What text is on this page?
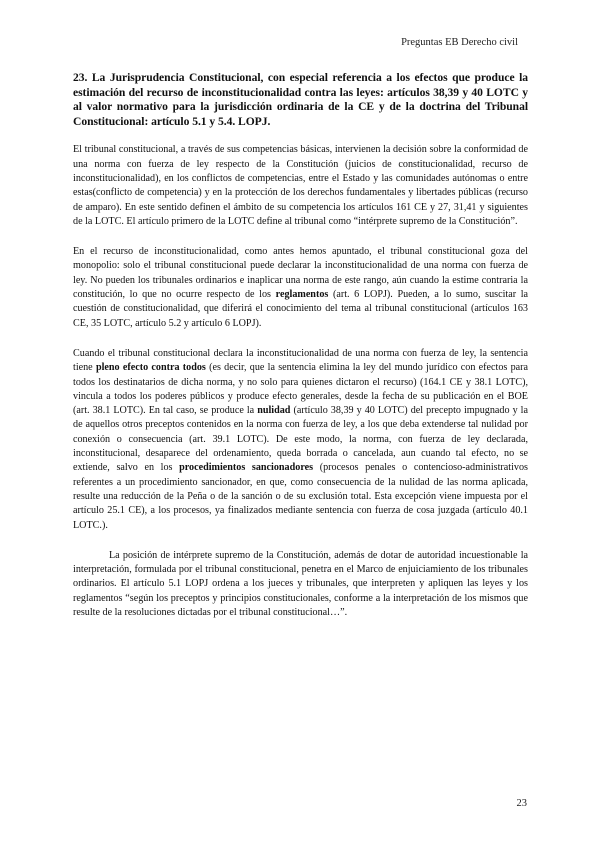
Preguntas EB Derecho civil
23. La Jurisprudencia Constitucional, con especial referencia a los efectos que produce la estimación del recurso de inconstitucionalidad contra las leyes: artículos 38,39 y 40 LOTC y al valor normativo para la jurisdicción ordinaria de la CE y de la doctrina del Tribunal Constitucional: artículo 5.1 y 5.4. LOPJ.

El tribunal constitucional, a través de sus competencias básicas, intervienen la decisión sobre la conformidad de una norma con fuerza de ley respecto de la Constitución (juicios de constitucionalidad, recurso de inconstitucionalidad), en los conflictos de competencias, entre el Estado y las comunidades autónomas o entre estas(conflicto de competencia) y en la protección de los derechos fundamentales y libertades públicas (recurso de amparo). En este sentido definen el ámbito de su competencia los artículos 161 CE y 27, 31,41 y siguientes de la LOTC. El artículo primero de la LOTC define al tribunal como “intérprete supremo de la Constitución”.

En el recurso de inconstitucionalidad, como antes hemos apuntado, el tribunal constitucional goza del monopolio: solo el tribunal constitucional puede declarar la inconstitucionalidad de una norma con fuerza de ley. No pueden los tribunales ordinarios e inaplicar una norma de este rango, aún cuando la estime contraria la constitución, lo que no ocurre respecto de los reglamentos (art. 6 LOPJ). Pueden, a lo sumo, suscitar la cuestión de constitucionalidad, que diferirá el conocimiento del tema al tribunal constitucional (artículos 163 CE, 35 LOTC, artículo 5.2 y artículo 6 LOPJ).

Cuando el tribunal constitucional declara la inconstitucionalidad de una norma con fuerza de ley, la sentencia tiene pleno efecto contra todos (es decir, que la sentencia elimina la ley del mundo jurídico con efectos para todos los destinatarios de dicha norma, y no solo para quienes dictaron el recurso) (164.1 CE y 38.1 LOTC), vincula a todos los poderes públicos y produce efecto generales, desde la fecha de su publicación en el BOE (art. 38.1 LOTC). En tal caso, se produce la nulidad (artículo 38,39 y 40 LOTC) del precepto impugnado y la de aquellos otros preceptos contenidos en la norma con fuerza de ley, a los que deba extenderse tal nulidad por conexión o consecuencia (art. 39.1 LOTC). De este modo, la norma, con fuerza de ley declarada, inconstitucional, desaparece del ordenamiento, queda borrada o cancelada, aun cuando tal efecto, no se extiende, salvo en los procedimientos sancionadores (procesos penales o contencioso-administrativos referentes a un procedimiento sancionador, en que, como consecuencia de la nulidad de las norma aplicada, resulte una reducción de la Peña o de la sanción o de su exclusión total. Esta excepción viene impuesta por el artículo 25.1 CE), a los procesos, ya finalizados mediante sentencia con fuerza de cosa juzgada (artículo 40.1 LOTC.).

La posición de intérprete supremo de la Constitución, además de dotar de autoridad incuestionable la interpretación, formulada por el tribunal constitucional, penetra en el Marco de enjuiciamiento de los tribunales ordinarios. El artículo 5.1 LOPJ ordena a los jueces y tribunales, que interpreten y apliquen las leyes y los reglamentos “según los preceptos y principios constitucionales, conforme a la interpretación de los mismos que resulte de la resoluciones dictadas por el tribunal constitucional…”.

23
